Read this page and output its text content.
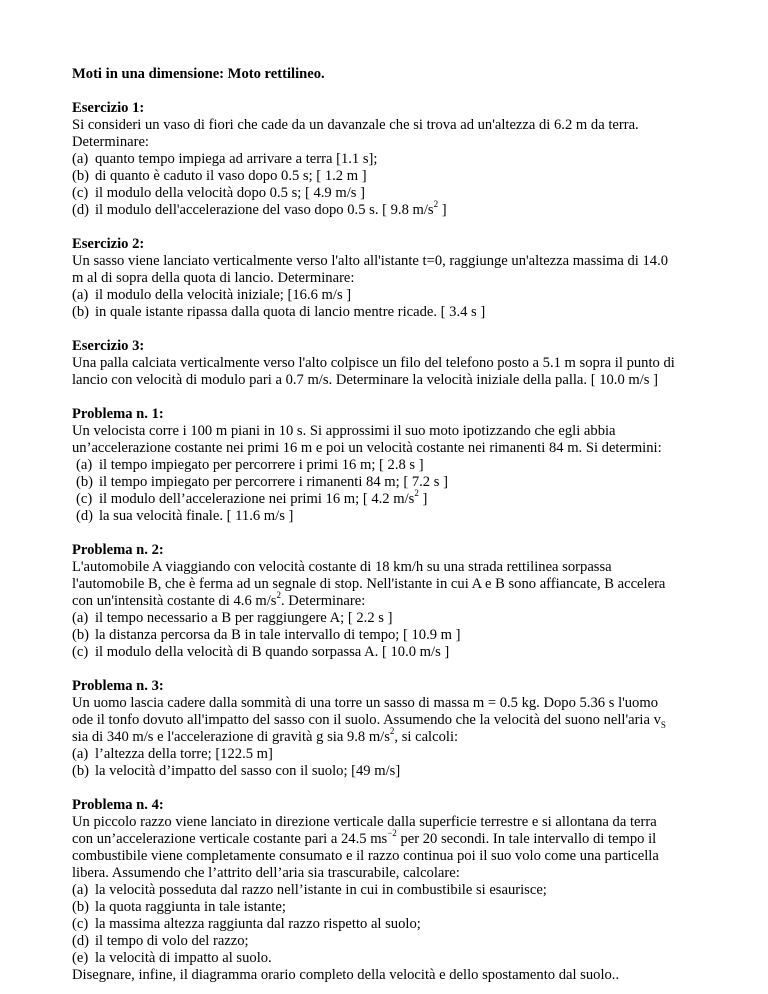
Moti in una dimensione: Moto rettilineo.
Esercizio 1:
Si consideri un vaso di fiori che cade da un davanzale che si trova ad un'altezza di 6.2 m da terra.
Determinare:
(a) quanto tempo impiega ad arrivare a terra [1.1 s];
(b) di quanto è caduto il vaso dopo 0.5 s; [ 1.2 m ]
(c) il modulo della velocità dopo 0.5 s; [ 4.9 m/s ]
(d) il modulo dell'accelerazione del vaso dopo 0.5 s. [ 9.8 $m/s^2$ ]
Esercizio 2:
Un sasso viene lanciato verticalmente verso l'alto all'istante t=0, raggiunge un'altezza massima di 14.0
m al di sopra della quota di lancio. Determinare:
(a) il modulo della velocità iniziale; [16.6 m/s ]
(b) in quale istante ripassa dalla quota di lancio mentre ricade. [ 3.4 s ]
Esercizio 3:
Una palla calciata verticalmente verso l'alto colpisce un filo del telefono posto a 5.1 m sopra il punto di
lancio con velocità di modulo pari a 0.7 m/s. Determinare la velocità iniziale della palla. [ 10.0 m/s ]
Problema n. 1:
Un velocista corre i 100 m piani in 10 s. Si approssimi il suo moto ipotizzando che egli abbia
un’accelerazione costante nei primi 16 m e poi un velocità costante nei rimanenti 84 m. Si determini:
(a) il tempo impiegato per percorrere i primi 16 m; [ 2.8 s ]
(b) il tempo impiegato per percorrere i rimanenti 84 m; [ 7.2 s ]
(c) il modulo dell’accelerazione nei primi 16 m; [ 4.2 $m/s^2$ ]
(d) la sua velocità finale. [ 11.6 m/s ]
Problema n. 2:
L'automobile A viaggiando con velocità costante di 18 km/h su una strada rettilinea sorpassa
l'automobile B, che è ferma ad un segnale di stop. Nell'istante in cui A e B sono affiancate, B accelera
con un'intensità costante di 4.6 $m/s^2$. Determinare:
(a) il tempo necessario a B per raggiungere A; [ 2.2 s ]
(b) la distanza percorsa da B in tale intervallo di tempo; [ 10.9 m ]
(c) il modulo della velocità di B quando sorpassa A. [ 10.0 m/s ]
Problema n. 3:
Un uomo lascia cadere dalla sommità di una torre un sasso di massa m = 0.5 kg. Dopo 5.36 s l'uomo
ode il tonfo dovuto all'impatto del sasso con il suolo. Assumendo che la velocità del suono nell'aria $v_S$
sia di 340 m/s e l'accelerazione di gravità g sia 9.8 $m/s^2$, si calcoli:
(a) l’altezza della torre; [122.5 m]
(b) la velocità d’impatto del sasso con il suolo; [49 m/s]
Problema n. 4:
Un piccolo razzo viene lanciato in direzione verticale dalla superficie terrestre e si allontana da terra
con un’accelerazione verticale costante pari a 24.5 $ms^{-2}$ per 20 secondi. In tale intervallo di tempo il
combustibile viene completamente consumato e il razzo continua poi il suo volo come una particella
libera. Assumendo che l’attrito dell’aria sia trascurabile, calcolare:
(a) la velocità posseduta dal razzo nell’istante in cui in combustibile si esaurisce;
(b) la quota raggiunta in tale istante;
(c) la massima altezza raggiunta dal razzo rispetto al suolo;
(d) il tempo di volo del razzo;
(e) la velocità di impatto al suolo.
Disegnare, infine, il diagramma orario completo della velocità e dello spostamento dal suolo..
